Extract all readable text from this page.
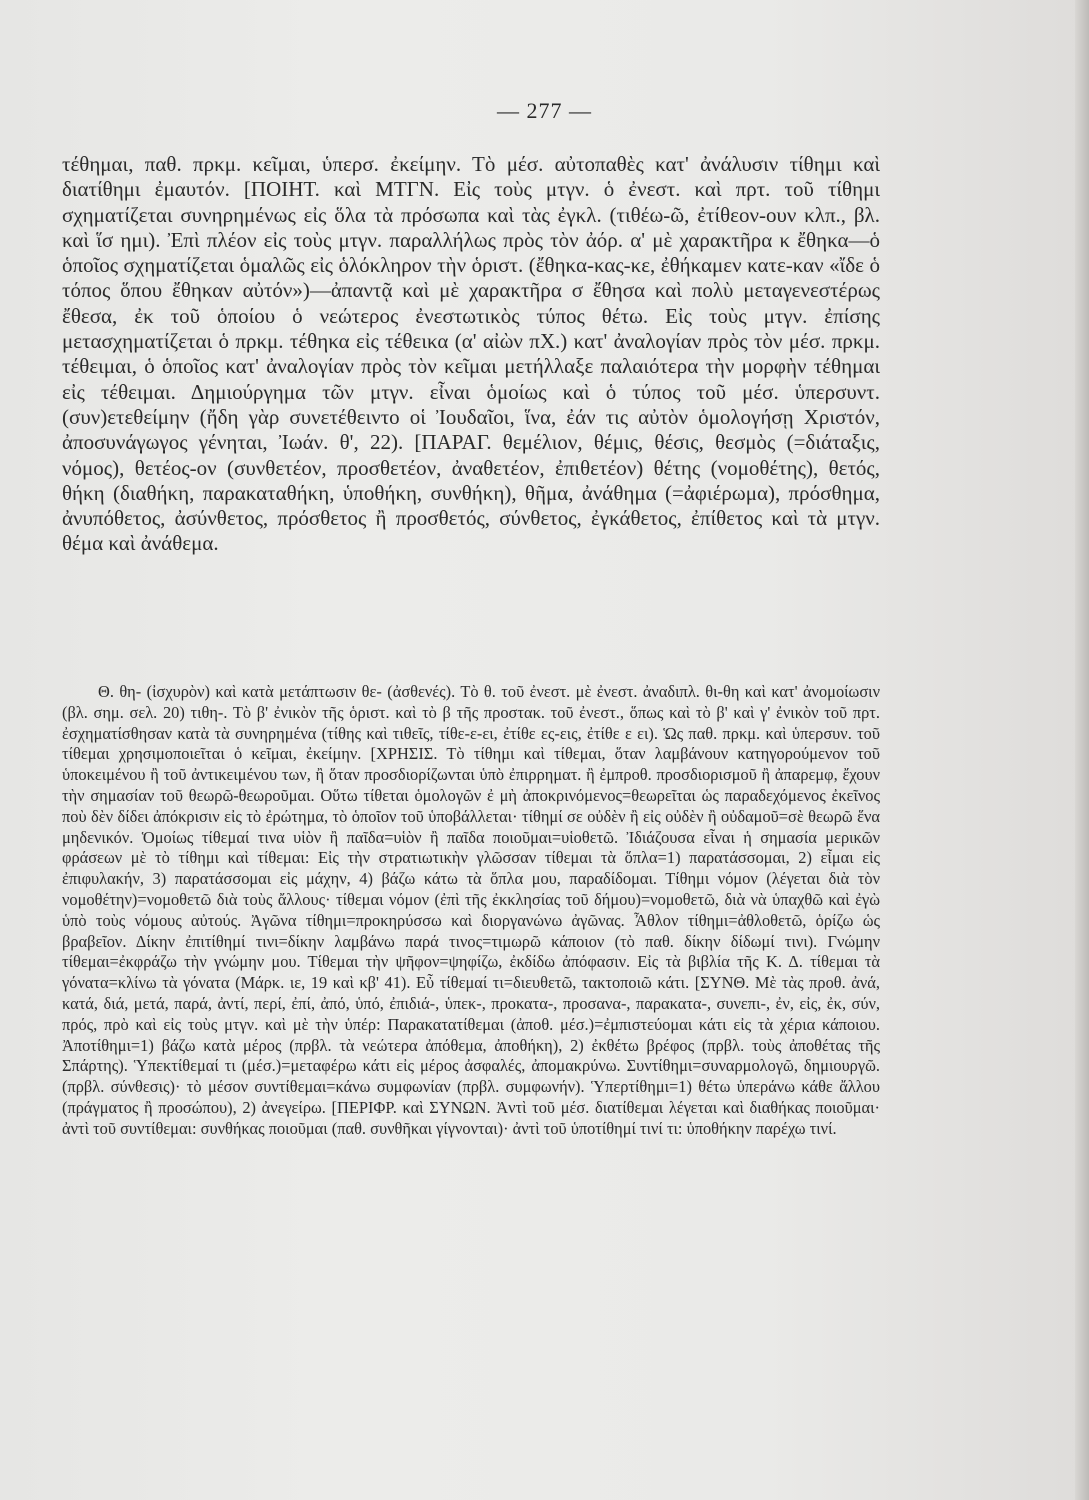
— 277 —

τέθημαι, παθ. πρκμ. κεῖμαι, ὑπερσ. ἐκείμην. Τὸ μέσ. αὐτοπαθὲς κατ' ἀνάλυσιν τίθημι καὶ διατίθημι ἐμαυτόν. [ΠΟΙΗΤ. καὶ ΜΤΓΝ. Εἰς τοὺς μτγν. ὁ ἐνεστ. καὶ πρτ. τοῦ τίθημι σχηματίζεται συνηρημένως εἰς ὅλα τὰ πρόσωπα καὶ τὰς ἐγκλ. (τιθέω-ῶ, ἐτίθεον-ουν κλπ., βλ. καὶ ἵσ ημι). Ἐπὶ πλέον εἰς τοὺς μτγν. παραλλήλως πρὸς τὸν ἀόρ. α' μὲ χαρακτῆρα κ ἔθηκα—ὁ ὁποῖος σχηματίζεται ὁμαλῶς εἰς ὁλόκληρον τὴν ὁριστ. (ἔθηκα-κας-κε, ἐθήκαμεν κατε-καν «ἴδε ὁ τόπος ὅπου ἔθηκαν αὐτόν»)—ἀπαντᾷ καὶ μὲ χαρακτῆρα σ ἔθησα καὶ πολὺ μεταγενεστέρως ἔθεσα, ἐκ τοῦ ὁποίου ὁ νεώτερος ἐνεστωτικὸς τύπος θέτω. Εἰς τοὺς μτγν. ἐπίσης μετασχηματίζεται ὁ πρκμ. τέθηκα εἰς τέθεικα (α' αἰὼν πΧ.) κατ' ἀναλογίαν πρὸς τὸν μέσ. πρκμ. τέθειμαι, ὁ ὁποῖος κατ' ἀναλογίαν πρὸς τὸν κεῖμαι μετήλλαξε παλαιότερα τὴν μορφὴν τέθημαι εἰς τέθειμαι. Δημιούργημα τῶν μτγν. εἶναι ὁμοίως καὶ ὁ τύπος τοῦ μέσ. ὑπερσυντ. (συν)ετεθείμην (ἤδη γὰρ συνετέθειντο οἱ Ἰουδαῖοι, ἵνα, ἐάν τις αὐτὸν ὁμολογήσῃ Χριστόν, ἀποσυνάγωγος γένηται, Ἰωάν. θ', 22). [ΠΑΡΑΓ. θεμέλιον, θέμις, θέσις, θεσμὸς (=διάταξις, νόμος), θετέος-ον (συνθετέον, προσθετέον, ἀναθετέον, ἐπιθετέον) θέτης (νομοθέτης), θετός, θήκη (διαθήκη, παρακαταθήκη, ὑποθήκη, συνθήκη), θῆμα, ἀνάθημα (=ἀφιέρωμα), πρόσθημα, ἀνυπόθετος, ἀσύνθετος, πρόσθετος ἢ προσθετός, σύνθετος, ἐγκάθετος, ἐπίθετος καὶ τὰ μτγν. θέμα καὶ ἀνάθεμα.

Θ. θη- (ἰσχυρὸν) καὶ κατὰ μετάπτωσιν θε- (ἀσθενές). Τὸ θ. τοῦ ἐνεστ. μὲ ἐνεστ. ἀναδιπλ. θι-θη καὶ κατ' ἀνομοίωσιν (βλ. σημ. σελ. 20) τιθη-. Τὸ β' ἐνικὸν τῆς ὁριστ. καὶ τὸ β τῆς προστακ. τοῦ ἐνεστ., ὅπως καὶ τὸ β' καὶ γ' ἐνικὸν τοῦ πρτ. ἐσχηματίσθησαν κατὰ τὰ συνηρημένα (τίθης καὶ τιθεῖς, τίθε-ε-ει, ἐτίθε ες-εις, ἐτίθε ε ει). Ὡς παθ. πρκμ. καὶ ὑπερσυν. τοῦ τίθεμαι χρησιμοποιεῖται ὁ κεῖμαι, ἐκείμην. [ΧΡΗΣΙΣ. Τὸ τίθημι καὶ τίθεμαι, ὅταν λαμβάνουν κατηγορούμενον τοῦ ὑποκειμένου ἢ τοῦ ἀντικειμένου των, ἢ ὅταν προσδιορίζωνται ὑπὸ ἐπιρρηματ. ἢ ἐμπροθ. προσδιορισμοῦ ἢ ἀπαρεμφ, ἔχουν τὴν σημασίαν τοῦ θεωρῶ-θεωροῦμαι. Οὕτω τίθεται ὁμολογῶν ἐ μὴ ἀποκρινόμενος=θεωρεῖται ὡς παραδεχόμενος ἐκεῖνος ποὺ δὲν δίδει ἀπόκρισιν εἰς τὸ ἐρώτημα, τὸ ὁποῖον τοῦ ὑποβάλλεται· τίθημί σε οὐδὲν ἢ εἰς οὐδὲν ἢ οὐδαμοῦ=σὲ θεωρῶ ἕνα μηδενικόν. Ὁμοίως τίθεμαί τινα υἱὸν ἢ παῖδα=υἱὸν ἢ παῖδα ποιοῦμαι=υἱοθετῶ. Ἰδιάζουσα εἶναι ἡ σημασία μερικῶν φράσεων μὲ τὸ τίθημι καὶ τίθεμαι: Εἰς τὴν στρατιωτικὴν γλῶσσαν τίθεμαι τὰ ὅπλα=1) παρατάσσομαι, 2) εἶμαι εἰς ἐπιφυλακήν, 3) παρατάσσομαι εἰς μάχην, 4) βάζω κάτω τὰ ὅπλα μου, παραδίδομαι. Τίθημι νόμον (λέγεται διὰ τὸν νομοθέτην)=νομοθετῶ διὰ τοὺς ἄλλους· τίθεμαι νόμον (ἐπὶ τῆς ἐκκλησίας τοῦ δήμου)=νομοθετῶ, διὰ νὰ ὑπαχθῶ καὶ ἐγὼ ὑπὸ τοὺς νόμους αὐτούς. Ἀγῶνα τίθημι=προκηρύσσω καὶ διοργανώνω ἀγῶνας. Ἆθλον τίθημι=ἀθλοθετῶ, ὁρίζω ὡς βραβεῖον. Δίκην ἐπιτίθημί τινι=δίκην λαμβάνω παρά τινος=τιμωρῶ κάποιον (τὸ παθ. δίκην δίδωμί τινι). Γνώμην τίθεμαι=ἐκφράζω τὴν γνώμην μου. Τίθεμαι τὴν ψῆφον=ψηφίζω, ἐκδίδω ἀπόφασιν. Εἰς τὰ βιβλία τῆς Κ. Δ. τίθεμαι τὰ γόνατα=κλίνω τὰ γόνατα (Μάρκ. ιε, 19 καὶ κβ' 41). Εὖ τίθεμαί τι=διευθετῶ, τακτοποιῶ κάτι. [ΣΥΝΘ. Μὲ τὰς προθ. ἀνά, κατά, διά, μετά, παρά, ἀντί, περί, ἐπί, ἀπό, ὑπό, ἐπιδιά-, ὑπεκ-, προκατα-, προσανα-, παρακατα-, συνεπι-, ἐν, εἰς, ἐκ, σύν, πρός, πρὸ καὶ εἰς τοὺς μτγν. καὶ μὲ τὴν ὑπέρ: Παρακατατίθεμαι (ἀποθ. μέσ.)=ἐμπιστεύομαι κάτι εἰς τὰ χέρια κάποιου. Ἀποτίθημι=1) βάζω κατὰ μέρος (πρβλ. τὰ νεώτερα ἀπόθεμα, ἀποθήκη), 2) ἐκθέτω βρέφος (πρβλ. τοὺς ἀποθέτας τῆς Σπάρτης). Ὑπεκτίθεμαί τι (μέσ.)=μεταφέρω κάτι εἰς μέρος ἀσφαλές, ἀπομακρύνω. Συντίθημι=συναρμολογῶ, δημιουργῶ. (πρβλ. σύνθεσις)· τὸ μέσον συντίθεμαι=κάνω συμφωνίαν (πρβλ. συμφωνήν). Ὑπερτίθημι=1) θέτω ὑπεράνω κάθε ἄλλου (πράγματος ἢ προσώπου), 2) ἀνεγείρω. [ΠΕΡΙΦΡ. καὶ ΣΥΝΩΝ. Ἀντὶ τοῦ μέσ. διατίθεμαι λέγεται καὶ διαθήκας ποιοῦμαι· ἀντὶ τοῦ συντίθεμαι: συνθήκας ποιοῦμαι (παθ. συνθῆκαι γίγνονται)· ἀντὶ τοῦ ὑποτίθημί τινί τι: ὑποθήκην παρέχω τινί.
